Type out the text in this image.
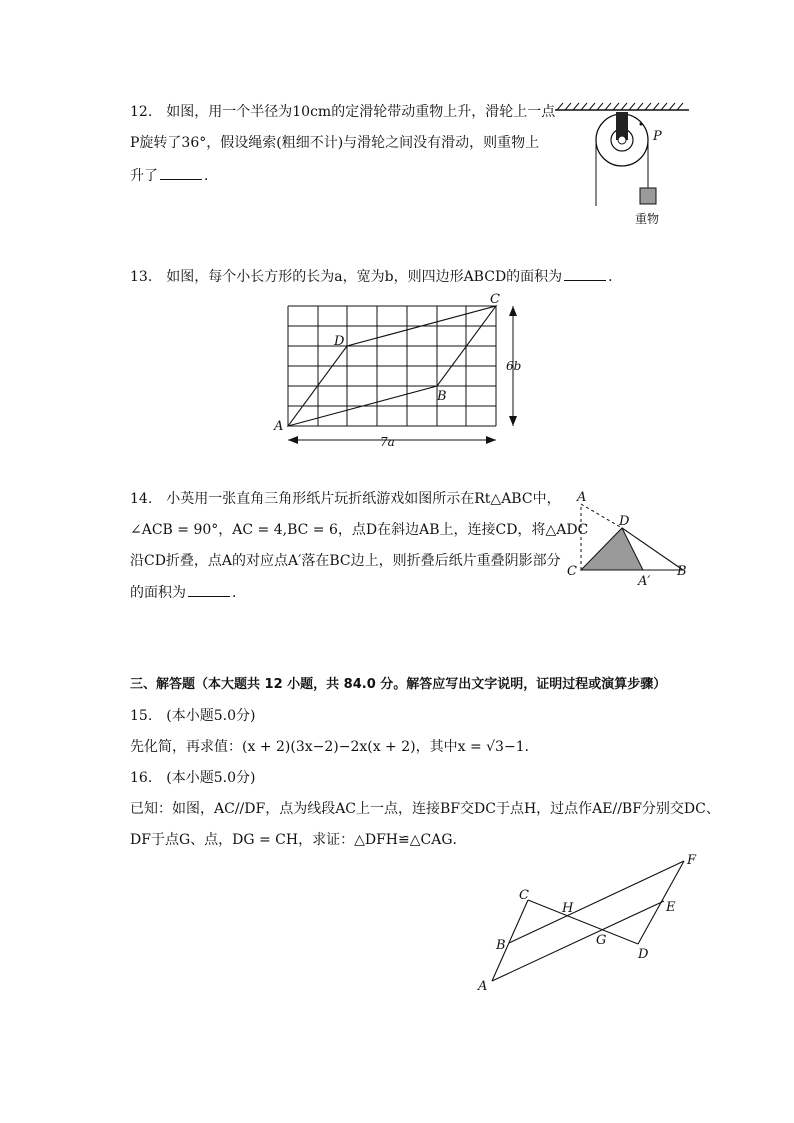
12.　如图，用一个半径为10cm的定滑轮带动重物上升，滑轮上一点
P旋转了36°，假设绳索(粗细不计)与滑轮之间没有滑动，则重物上
升了	．
P
重物
13.　如图，每个小长方形的长为a，宽为b，则四边形ABCD的面积为	．
A
B
C
D
7a
6b
14.　小英用一张直角三角形纸片玩折纸游戏如图所示在Rt△ABC中，
∠ACB = 90°，AC = 4,BC = 6，点D在斜边AB上，连接CD，将△ADC
沿CD折叠，点A的对应点A′落在BC边上，则折叠后纸片重叠阴影部分
的面积为	．
A
D
C
A′
B
三、解答题（本大题共 12 小题，共 84.0 分。解答应写出文字说明，证明过程或演算步骤）
15.　(本小题5.0分)
先化简，再求值：(x + 2)(3x−2)−2x(x + 2)，其中x = √3−1．
16.　(本小题5.0分)
已知：如图，AC//DF，点为线段AC上一点，连接BF交DC于点H，过点作AE//BF分别交DC、
DF于点G、点，DG = CH，求证：△DFH≌△CAG．
A
B
C
H
G
D
E
F
